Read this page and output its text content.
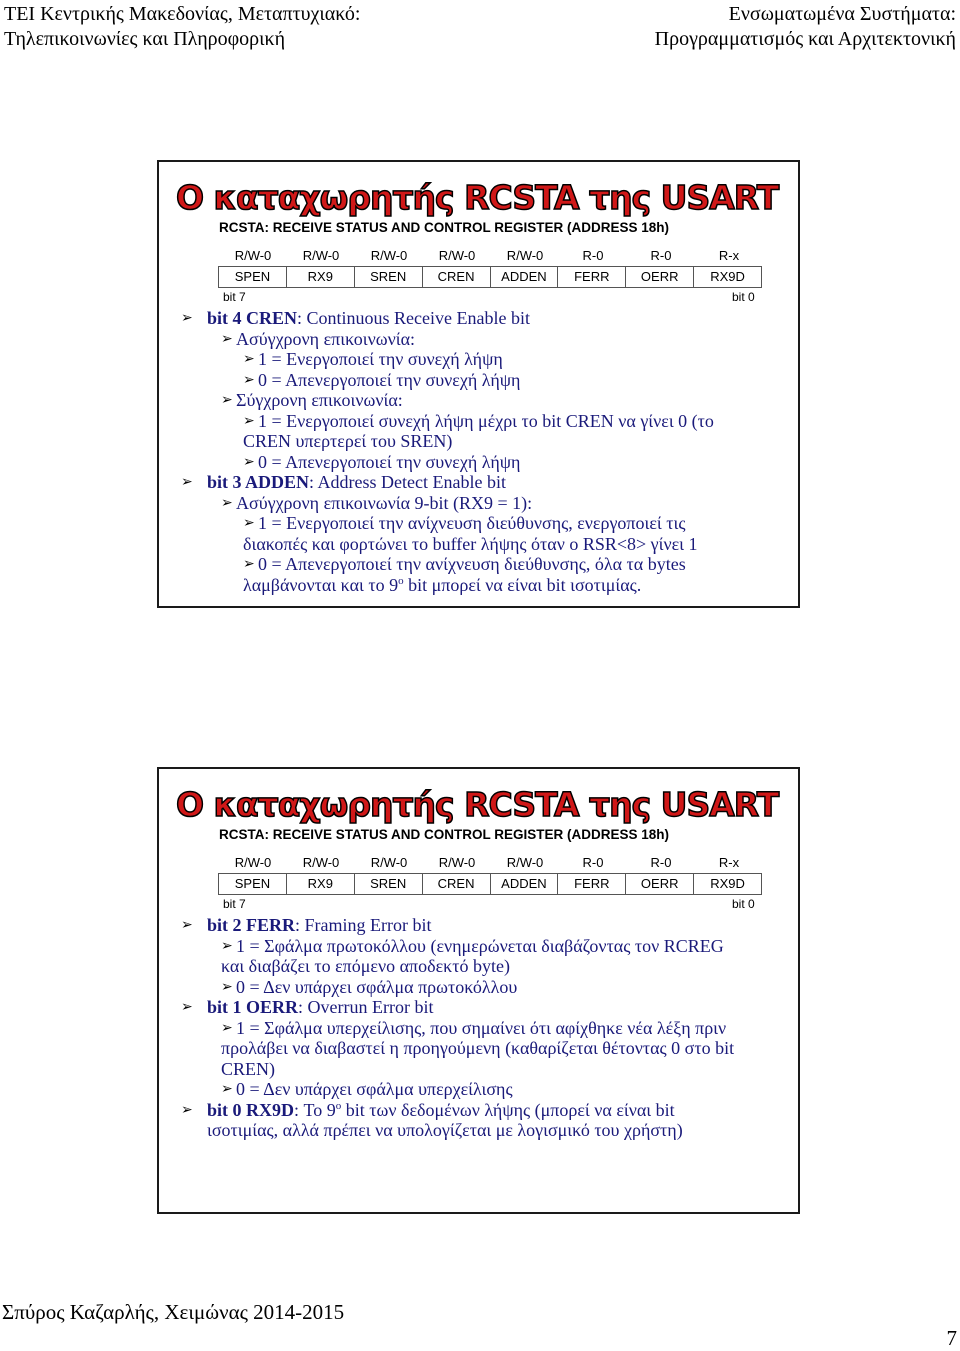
ΤΕΙ Κεντρικής Μακεδονίας, Μεταπτυχιακό:
Τηλεπικοινωνίες και Πληροφορική
Ενσωματωμένα Συστήματα:
Προγραμματισμός και Αρχιτεκτονική
Ο καταχωρητής RCSTA της USART
RCSTA: RECEIVE STATUS AND CONTROL REGISTER (ADDRESS 18h)
R/W-0	R/W-0	R/W-0	R/W-0	R/W-0	R-0	R-0	R-x
SPEN	RX9	SREN	CREN	ADDEN	FERR	OERR	RX9D
bit 7	bit 0
➢ bit 4 CREN: Continuous Receive Enable bit
➢ Ασύγχρονη επικοινωνία:
➢ 1 = Ενεργοποιεί την συνεχή λήψη
➢ 0 = Απενεργοποιεί την συνεχή λήψη
➢ Σύγχρονη επικοινωνία:
➢ 1 = Ενεργοποιεί συνεχή λήψη μέχρι το bit CREN να γίνει 0 (το
CREN υπερτερεί του SREN)
➢ 0 = Απενεργοποιεί την συνεχή λήψη
➢ bit 3 ADDEN: Address Detect Enable bit
➢ Ασύγχρονη επικοινωνία 9-bit (RX9 = 1):
➢ 1 = Ενεργοποιεί την ανίχνευση διεύθυνσης, ενεργοποιεί τις
διακοπές και φορτώνει το buffer λήψης όταν ο RSR<8> γίνει 1
➢ 0 = Απενεργοποιεί την ανίχνευση διεύθυνσης, όλα τα bytes
λαμβάνονται και το $9^o$ bit μπορεί να είναι bit ισοτιμίας.
Ο καταχωρητής RCSTA της USART
RCSTA: RECEIVE STATUS AND CONTROL REGISTER (ADDRESS 18h)
R/W-0	R/W-0	R/W-0	R/W-0	R/W-0	R-0	R-0	R-x
SPEN	RX9	SREN	CREN	ADDEN	FERR	OERR	RX9D
bit 7	bit 0
➢ bit 2 FERR: Framing Error bit
➢ 1 = Σφάλμα πρωτοκόλλου (ενημερώνεται διαβάζοντας τον RCREG
και διαβάζει το επόμενο αποδεκτό byte)
➢ 0 = Δεν υπάρχει σφάλμα πρωτοκόλλου
➢ bit 1 OERR: Overrun Error bit
➢ 1 = Σφάλμα υπερχείλισης, που σημαίνει ότι αφίχθηκε νέα λέξη πριν
προλάβει να διαβαστεί η προηγούμενη (καθαρίζεται θέτοντας 0 στο bit
CREN)
➢ 0 = Δεν υπάρχει σφάλμα υπερχείλισης
➢ bit 0 RX9D: Το $9^o$ bit των δεδομένων λήψης (μπορεί να είναι bit
ισοτιμίας, αλλά πρέπει να υπολογίζεται με λογισμικό του χρήστη)
Σπύρος Καζαρλής, Χειμώνας 2014-2015
7
